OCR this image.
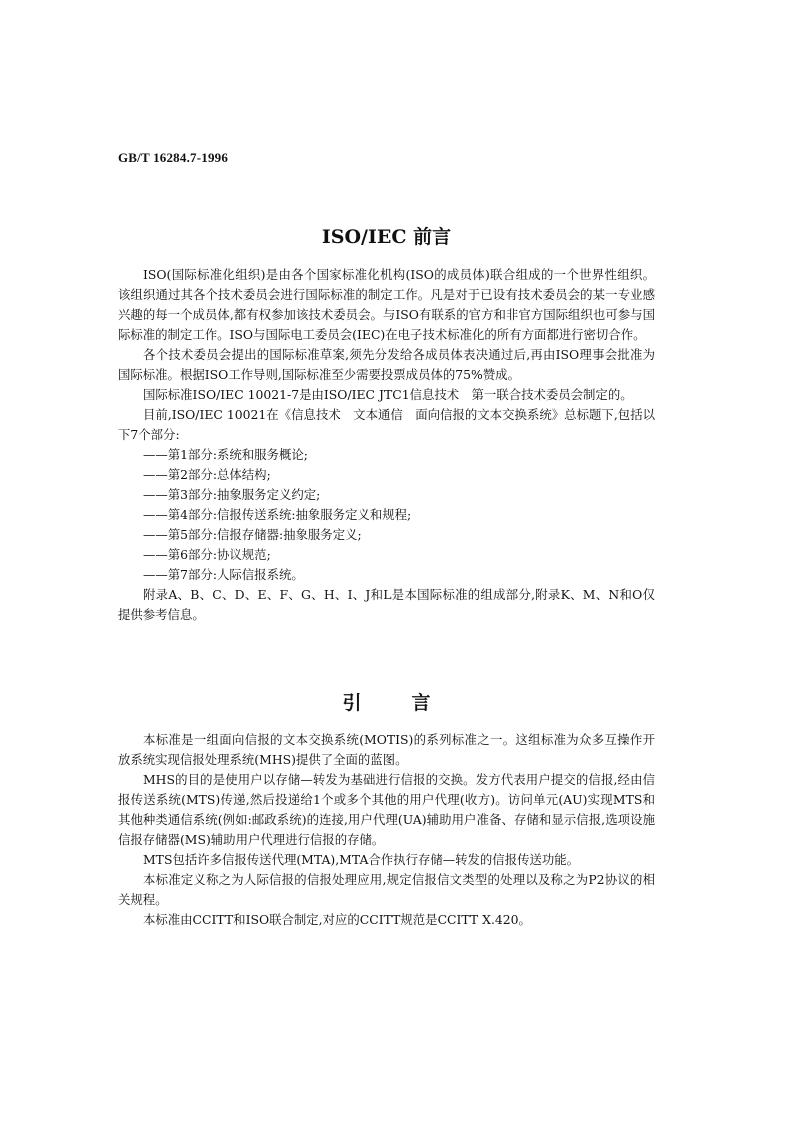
GB/T 16284.7-1996
ISO/IEC 前言

ISO(国际标准化组织)是由各个国家标准化机构(ISO的成员体)联合组成的一个世界性组织。该组织通过其各个技术委员会进行国际标准的制定工作。凡是对于已设有技术委员会的某一专业感兴趣的每一个成员体,都有权参加该技术委员会。与ISO有联系的官方和非官方国际组织也可参与国际标准的制定工作。ISO与国际电工委员会(IEC)在电子技术标准化的所有方面都进行密切合作。

各个技术委员会提出的国际标准草案,须先分发给各成员体表决通过后,再由ISO理事会批准为国际标准。根据ISO工作导则,国际标准至少需要投票成员体的75%赞成。

国际标准ISO/IEC 10021-7是由ISO/IEC JTC1信息技术　第一联合技术委员会制定的。

目前,ISO/IEC 10021在《信息技术　文本通信　面向信报的文本交换系统》总标题下,包括以下7个部分:

——第1部分:系统和服务概论;

——第2部分:总体结构;

——第3部分:抽象服务定义约定;

——第4部分:信报传送系统:抽象服务定义和规程;

——第5部分:信报存储器:抽象服务定义;

——第6部分:协议规范;

——第7部分:人际信报系统。

附录A、B、C、D、E、F、G、H、I、J和L是本国际标准的组成部分,附录K、M、N和O仅提供参考信息。

引言

本标准是一组面向信报的文本交换系统(MOTIS)的系列标准之一。这组标准为众多互操作开放系统实现信报处理系统(MHS)提供了全面的蓝图。

MHS的目的是使用户以存储—转发为基础进行信报的交换。发方代表用户提交的信报,经由信报传送系统(MTS)传递,然后投递给1个或多个其他的用户代理(收方)。访问单元(AU)实现MTS和其他种类通信系统(例如:邮政系统)的连接,用户代理(UA)辅助用户准备、存储和显示信报,选项设施信报存储器(MS)辅助用户代理进行信报的存储。

MTS包括许多信报传送代理(MTA),MTA合作执行存储—转发的信报传送功能。

本标准定义称之为人际信报的信报处理应用,规定信报信文类型的处理以及称之为P2协议的相关规程。

本标准由CCITT和ISO联合制定,对应的CCITT规范是CCITT X.420。
